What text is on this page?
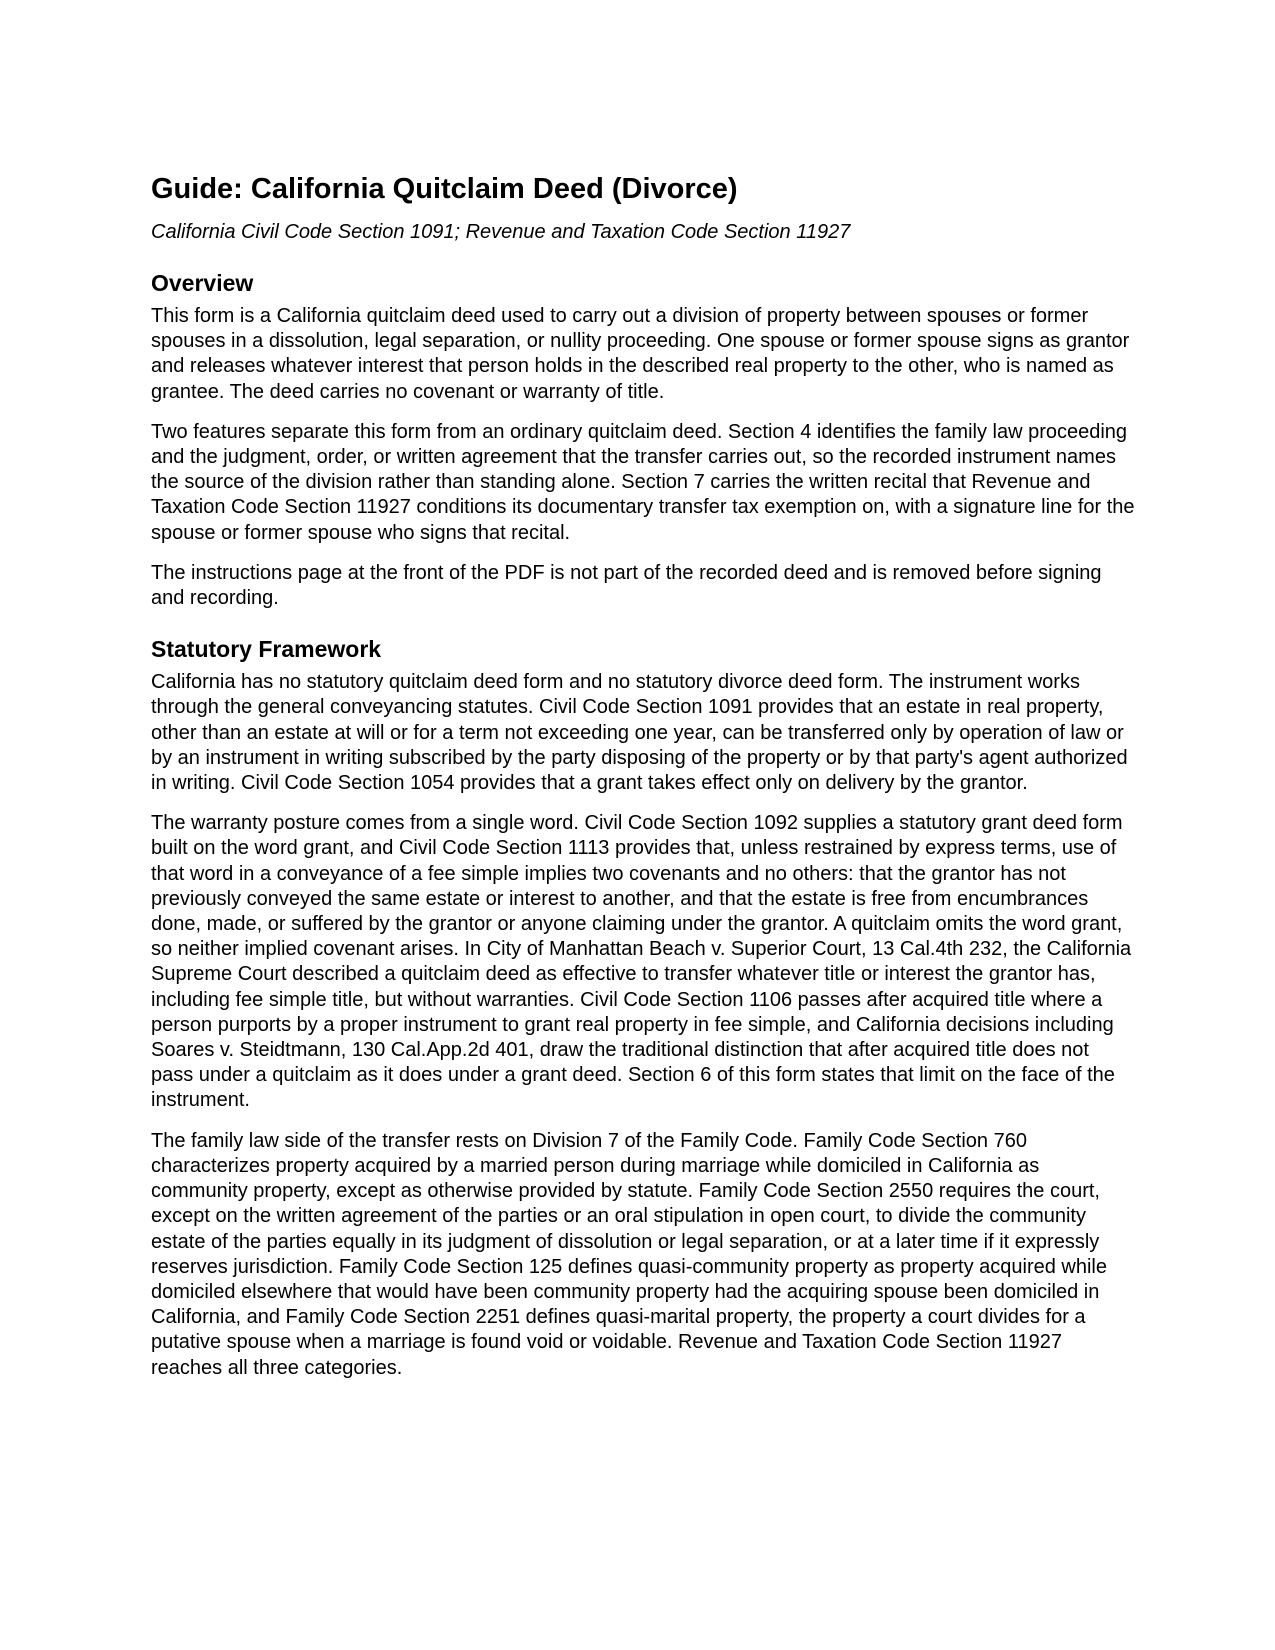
Guide: California Quitclaim Deed (Divorce)

California Civil Code Section 1091; Revenue and Taxation Code Section 11927

Overview

This form is a California quitclaim deed used to carry out a division of property between spouses or former spouses in a dissolution, legal separation, or nullity proceeding. One spouse or former spouse signs as grantor and releases whatever interest that person holds in the described real property to the other, who is named as grantee. The deed carries no covenant or warranty of title.

Two features separate this form from an ordinary quitclaim deed. Section 4 identifies the family law proceeding and the judgment, order, or written agreement that the transfer carries out, so the recorded instrument names the source of the division rather than standing alone. Section 7 carries the written recital that Revenue and Taxation Code Section 11927 conditions its documentary transfer tax exemption on, with a signature line for the spouse or former spouse who signs that recital.

The instructions page at the front of the PDF is not part of the recorded deed and is removed before signing and recording.

Statutory Framework

California has no statutory quitclaim deed form and no statutory divorce deed form. The instrument works through the general conveyancing statutes. Civil Code Section 1091 provides that an estate in real property, other than an estate at will or for a term not exceeding one year, can be transferred only by operation of law or by an instrument in writing subscribed by the party disposing of the property or by that party's agent authorized in writing. Civil Code Section 1054 provides that a grant takes effect only on delivery by the grantor.

The warranty posture comes from a single word. Civil Code Section 1092 supplies a statutory grant deed form built on the word grant, and Civil Code Section 1113 provides that, unless restrained by express terms, use of that word in a conveyance of a fee simple implies two covenants and no others: that the grantor has not previously conveyed the same estate or interest to another, and that the estate is free from encumbrances done, made, or suffered by the grantor or anyone claiming under the grantor. A quitclaim omits the word grant, so neither implied covenant arises. In City of Manhattan Beach v. Superior Court, 13 Cal.4th 232, the California Supreme Court described a quitclaim deed as effective to transfer whatever title or interest the grantor has, including fee simple title, but without warranties. Civil Code Section 1106 passes after acquired title where a person purports by a proper instrument to grant real property in fee simple, and California decisions including Soares v. Steidtmann, 130 Cal.App.2d 401, draw the traditional distinction that after acquired title does not pass under a quitclaim as it does under a grant deed. Section 6 of this form states that limit on the face of the instrument.

The family law side of the transfer rests on Division 7 of the Family Code. Family Code Section 760 characterizes property acquired by a married person during marriage while domiciled in California as community property, except as otherwise provided by statute. Family Code Section 2550 requires the court, except on the written agreement of the parties or an oral stipulation in open court, to divide the community estate of the parties equally in its judgment of dissolution or legal separation, or at a later time if it expressly reserves jurisdiction. Family Code Section 125 defines quasi-community property as property acquired while domiciled elsewhere that would have been community property had the acquiring spouse been domiciled in California, and Family Code Section 2251 defines quasi-marital property, the property a court divides for a putative spouse when a marriage is found void or voidable. Revenue and Taxation Code Section 11927 reaches all three categories.
